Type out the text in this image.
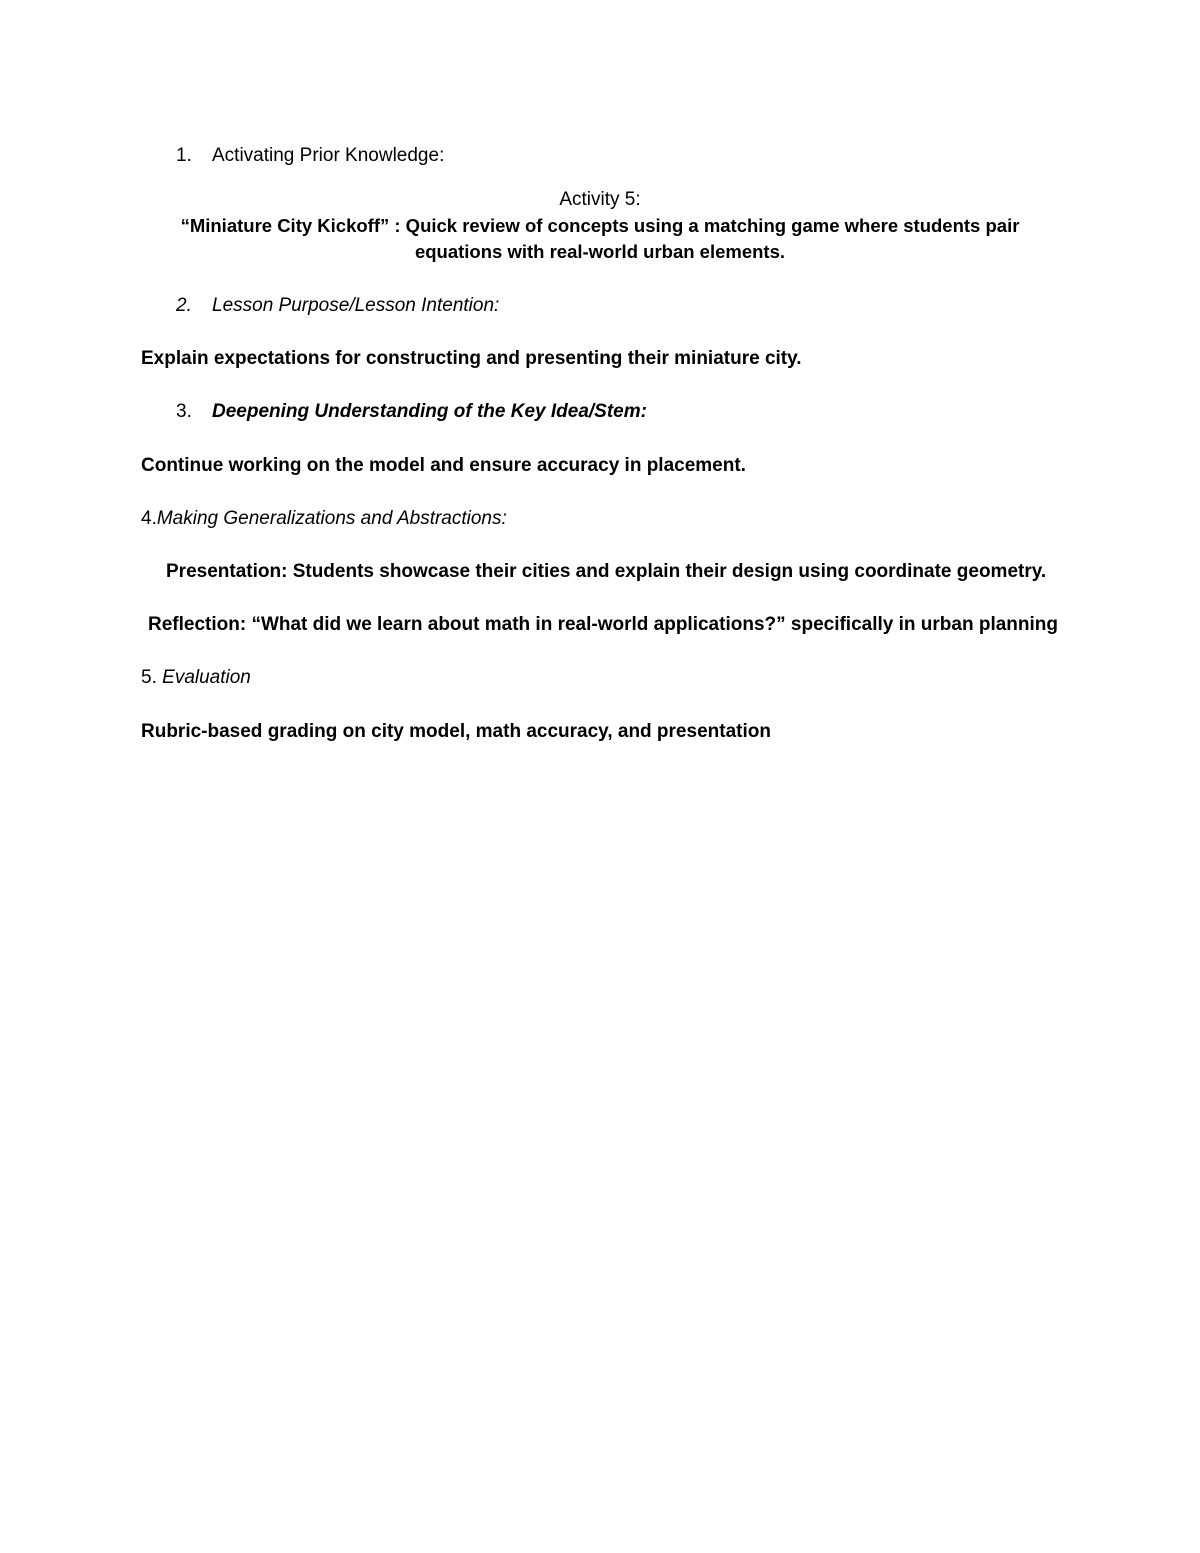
1. Activating Prior Knowledge:
Activity 5:
“Miniature City Kickoff” : Quick review of concepts using a matching game where students pair
equations with real-world urban elements.
2. Lesson Purpose/Lesson Intention:
Explain expectations for constructing and presenting their miniature city.
3. Deepening Understanding of the Key Idea/Stem:
Continue working on the model and ensure accuracy in placement.
4.Making Generalizations and Abstractions:
Presentation: Students showcase their cities and explain their design using coordinate geometry.
Reflection: “What did we learn about math in real-world applications?” specifically in urban planning
5. Evaluation
Rubric-based grading on city model, math accuracy, and presentation
